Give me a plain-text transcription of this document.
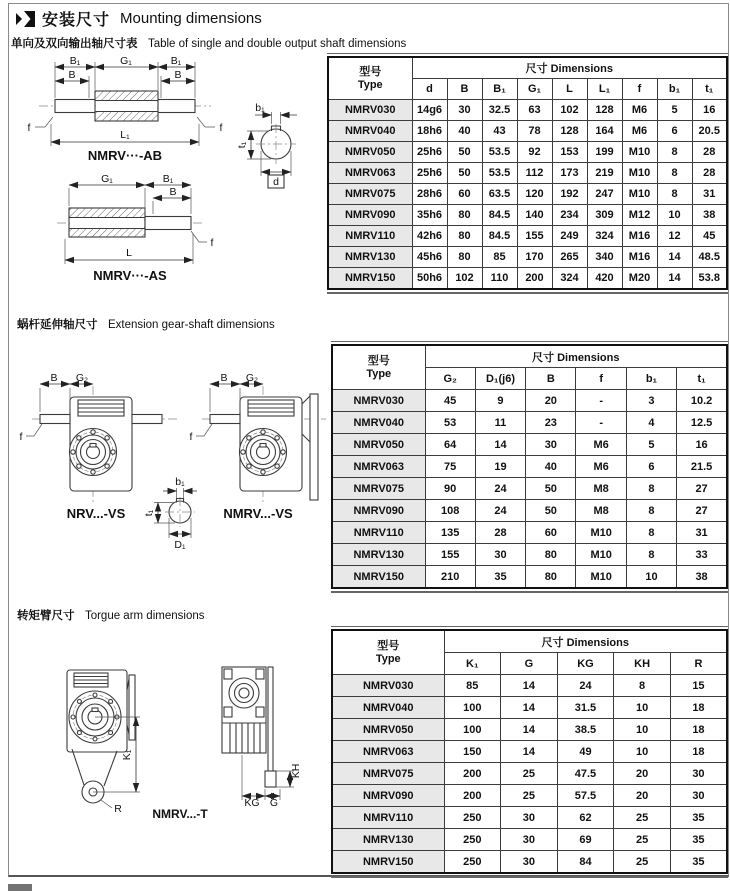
安装尺寸 Mounting dimensions
单向及双向输出轴尺寸表 Table of single and double output shaft dimensions
f	f
B₁	G₁	B₁
B	B
L₁
NMRV···-AB
b₁
t₁
d
G₁	B₁
B
L
f
NMRV···-AS
型号
Type	尺寸 Dimensions								
	d	B	B₁	G₁	L	L₁	f	b₁	t₁
NMRV030	14g6	30	32.5	63	102	128	M6	5	16
NMRV040	18h6	40	43	78	128	164	M6	6	20.5
NMRV050	25h6	50	53.5	92	153	199	M10	8	28
NMRV063	25h6	50	53.5	112	173	219	M10	8	28
NMRV075	28h6	60	63.5	120	192	247	M10	8	31
NMRV090	35h6	80	84.5	140	234	309	M12	10	38
NMRV110	42h6	80	84.5	155	249	324	M16	12	45
NMRV130	45h6	80	85	170	265	340	M16	14	48.5
NMRV150	50h6	102	110	200	324	420	M20	14	53.8
蜗杆延伸轴尺寸 Extension gear-shaft dimensions
B G₂
f
NRV...-VS
B G₂
f
NMRV...-VS
b₁
t₁
D₁
型号
Type	尺寸 Dimensions					
	G₂	D₁(j6)	B	f	b₁	t₁
NMRV030	45	9	20	-	3	10.2
NMRV040	53	11	23	-	4	12.5
NMRV050	64	14	30	M6	5	16
NMRV063	75	19	40	M6	6	21.5
NMRV075	90	24	50	M8	8	27
NMRV090	108	24	50	M8	8	27
NMRV110	135	28	60	M10	8	31
NMRV130	155	30	80	M10	8	33
NMRV150	210	35	80	M10	10	38
转矩臂尺寸 Torgue arm dimensions
R
K₁
KH
KG G
NMRV...-T
型号
Type	尺寸 Dimensions				
	K₁	G	KG	KH	R
NMRV030	85	14	24	8	15
NMRV040	100	14	31.5	10	18
NMRV050	100	14	38.5	10	18
NMRV063	150	14	49	10	18
NMRV075	200	25	47.5	20	30
NMRV090	200	25	57.5	20	30
NMRV110	250	30	62	25	35
NMRV130	250	30	69	25	35
NMRV150	250	30	84	25	35
